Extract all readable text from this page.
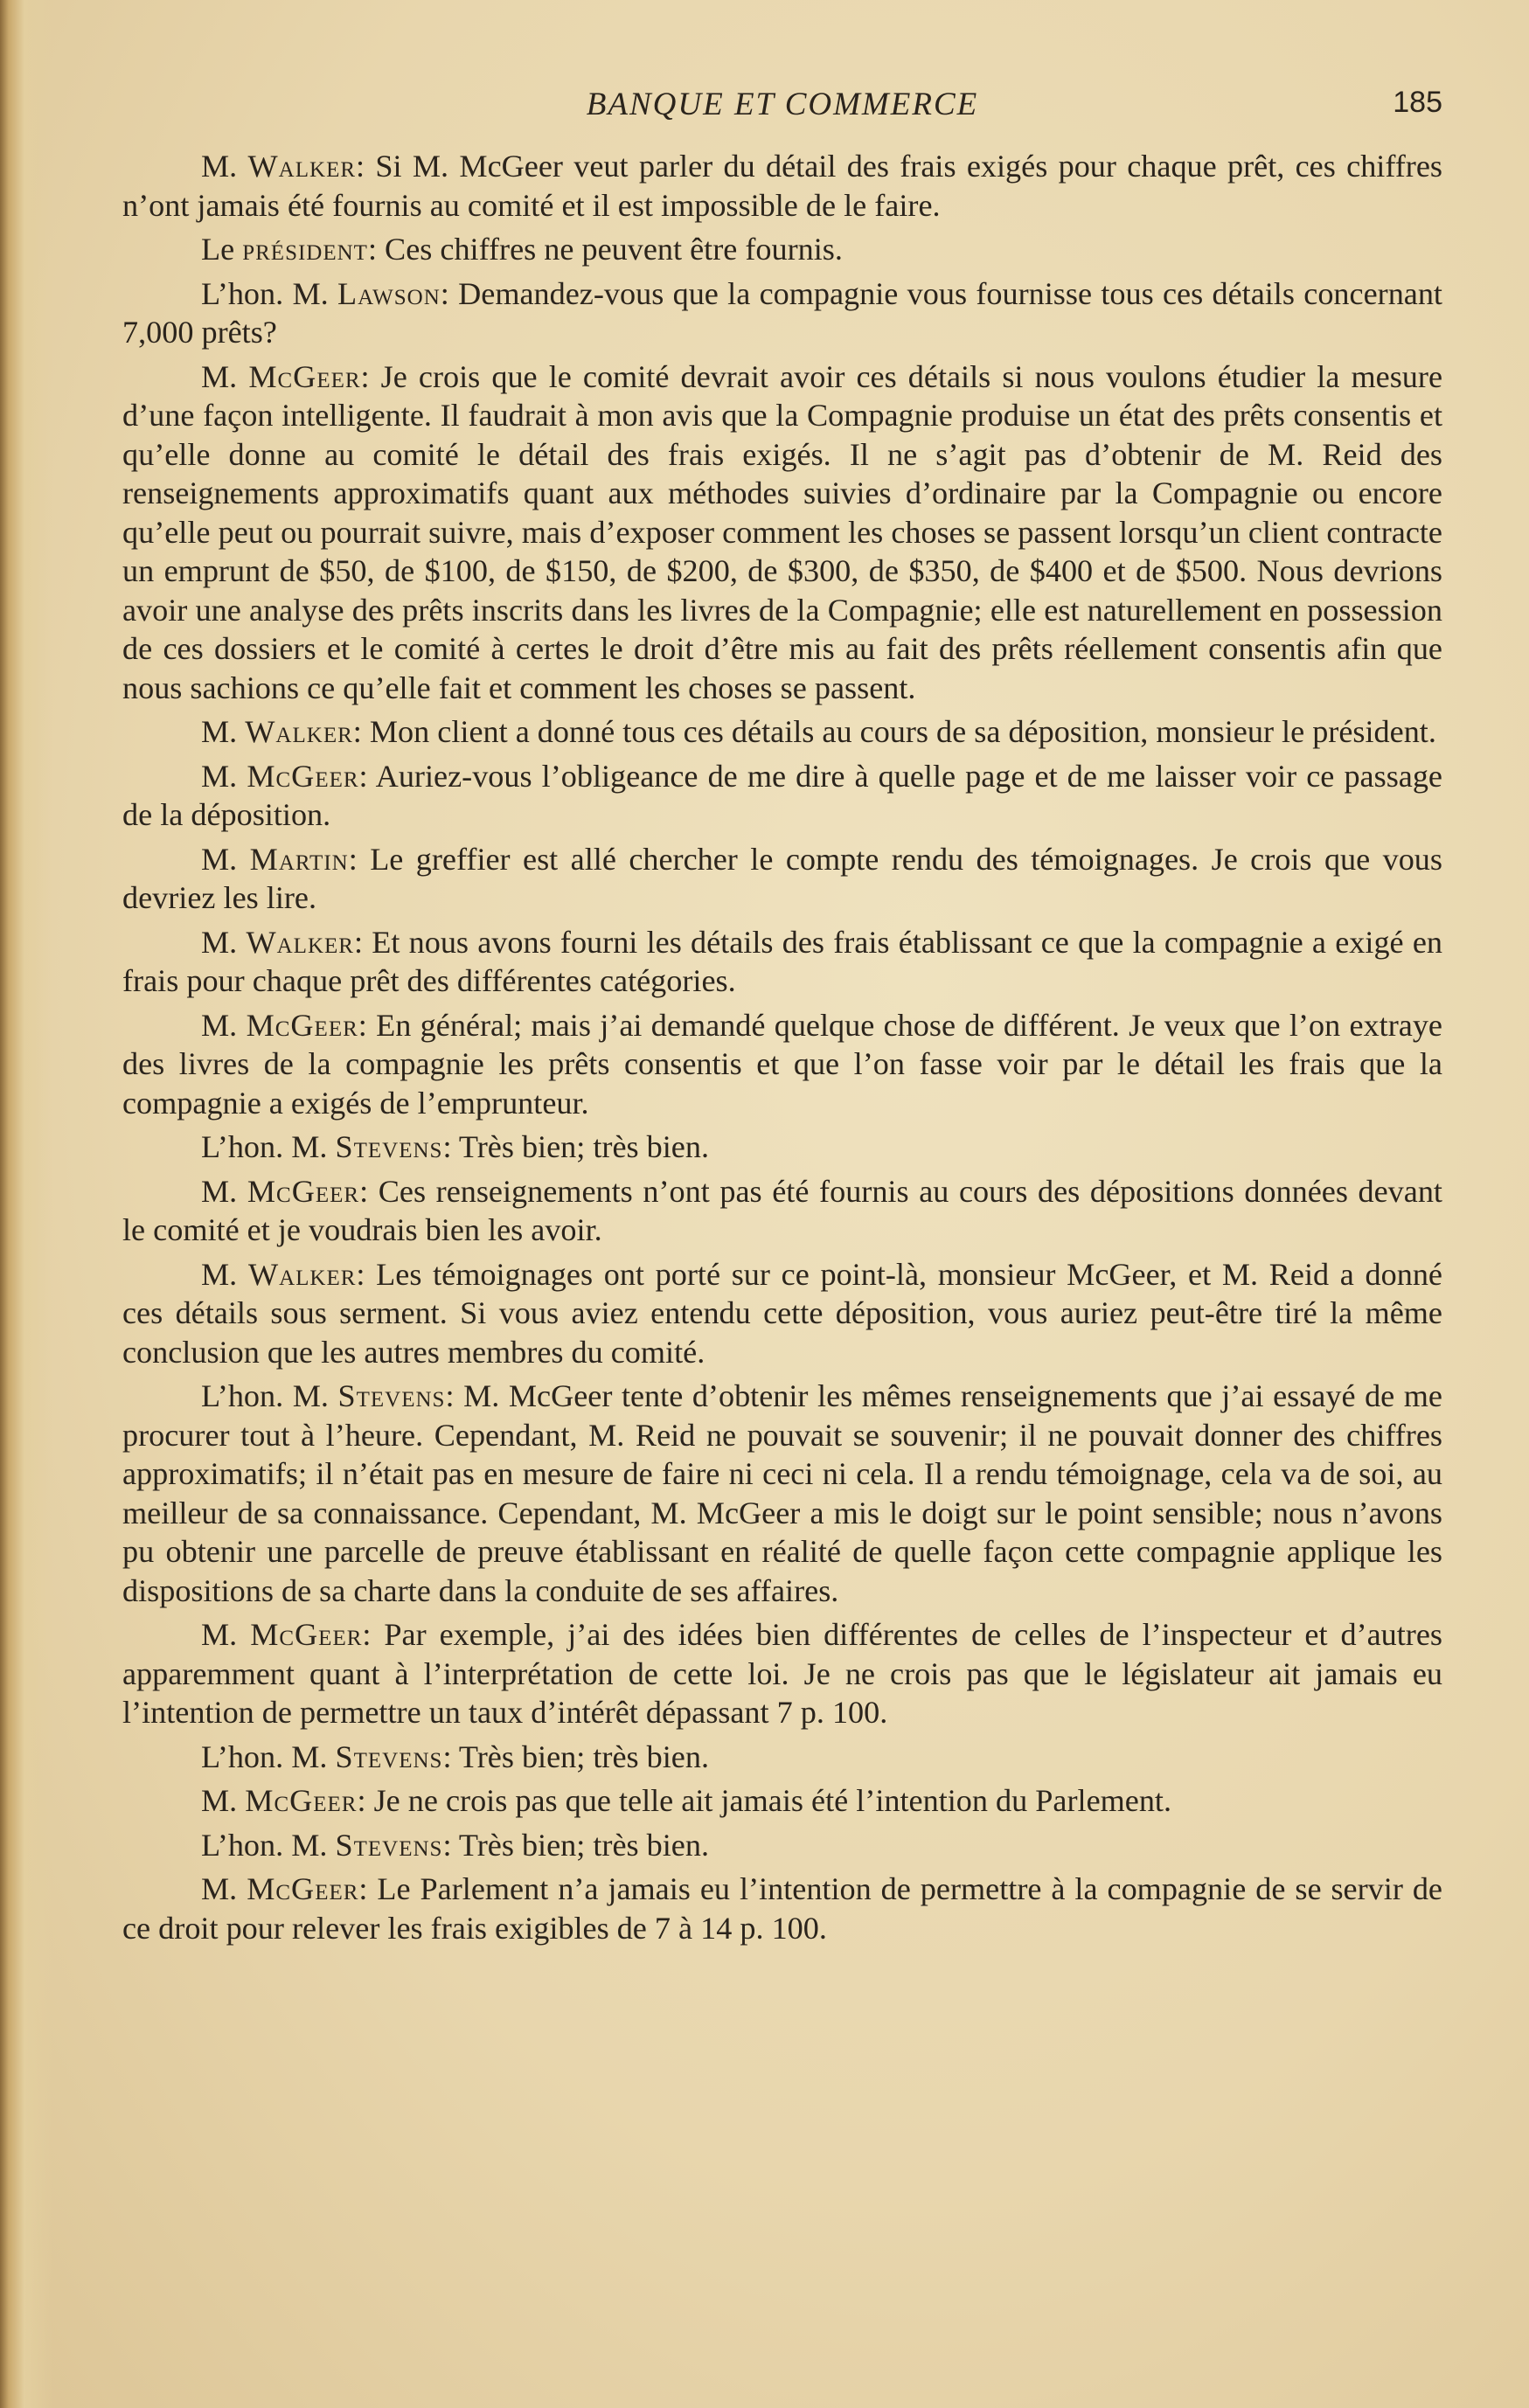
BANQUE ET COMMERCE	185

M. Walker: Si M. McGeer veut parler du détail des frais exigés pour chaque prêt, ces chiffres n’ont jamais été fournis au comité et il est impossible de le faire.

Le président: Ces chiffres ne peuvent être fournis.

L’hon. M. Lawson: Demandez-vous que la compagnie vous fournisse tous ces détails concernant 7,000 prêts?

M. McGeer: Je crois que le comité devrait avoir ces détails si nous voulons étudier la mesure d’une façon intelligente. Il faudrait à mon avis que la Compagnie produise un état des prêts consentis et qu’elle donne au comité le détail des frais exigés. Il ne s’agit pas d’obtenir de M. Reid des renseignements approximatifs quant aux méthodes suivies d’ordinaire par la Compagnie ou encore qu’elle peut ou pourrait suivre, mais d’exposer comment les choses se passent lorsqu’un client contracte un emprunt de $50, de $100, de $150, de $200, de $300, de $350, de $400 et de $500. Nous devrions avoir une analyse des prêts inscrits dans les livres de la Compagnie; elle est naturellement en possession de ces dossiers et le comité à certes le droit d’être mis au fait des prêts réellement consentis afin que nous sachions ce qu’elle fait et comment les choses se passent.

M. Walker: Mon client a donné tous ces détails au cours de sa déposition, monsieur le président.

M. McGeer: Auriez-vous l’obligeance de me dire à quelle page et de me laisser voir ce passage de la déposition.

M. Martin: Le greffier est allé chercher le compte rendu des témoignages. Je crois que vous devriez les lire.

M. Walker: Et nous avons fourni les détails des frais établissant ce que la compagnie a exigé en frais pour chaque prêt des différentes catégories.

M. McGeer: En général; mais j’ai demandé quelque chose de différent. Je veux que l’on extraye des livres de la compagnie les prêts consentis et que l’on fasse voir par le détail les frais que la compagnie a exigés de l’emprunteur.

L’hon. M. Stevens: Très bien; très bien.

M. McGeer: Ces renseignements n’ont pas été fournis au cours des dépositions données devant le comité et je voudrais bien les avoir.

M. Walker: Les témoignages ont porté sur ce point-là, monsieur McGeer, et M. Reid a donné ces détails sous serment. Si vous aviez entendu cette déposition, vous auriez peut-être tiré la même conclusion que les autres membres du comité.

L’hon. M. Stevens: M. McGeer tente d’obtenir les mêmes renseignements que j’ai essayé de me procurer tout à l’heure. Cependant, M. Reid ne pouvait se souvenir; il ne pouvait donner des chiffres approximatifs; il n’était pas en mesure de faire ni ceci ni cela. Il a rendu témoignage, cela va de soi, au meilleur de sa connaissance. Cependant, M. McGeer a mis le doigt sur le point sensible; nous n’avons pu obtenir une parcelle de preuve établissant en réalité de quelle façon cette compagnie applique les dispositions de sa charte dans la conduite de ses affaires.

M. McGeer: Par exemple, j’ai des idées bien différentes de celles de l’inspecteur et d’autres apparemment quant à l’interprétation de cette loi. Je ne crois pas que le législateur ait jamais eu l’intention de permettre un taux d’intérêt dépassant 7 p. 100.

L’hon. M. Stevens: Très bien; très bien.

M. McGeer: Je ne crois pas que telle ait jamais été l’intention du Parlement.

L’hon. M. Stevens: Très bien; très bien.

M. McGeer: Le Parlement n’a jamais eu l’intention de permettre à la compagnie de se servir de ce droit pour relever les frais exigibles de 7 à 14 p. 100.
